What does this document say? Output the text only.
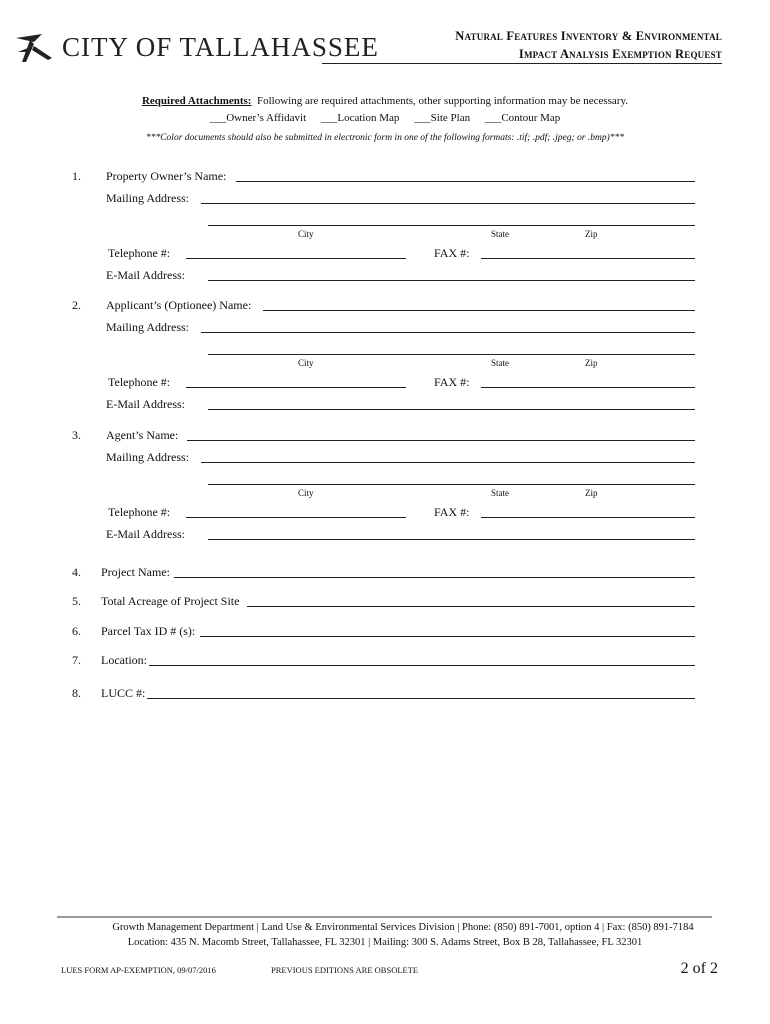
CITY OF TALLAHASSEE	Natural Features Inventory & Environmental
Impact Analysis Exemption Request
Required Attachments: Following are required attachments, other supporting information may be necessary.
___Owner’s Affidavit ___Location Map ___Site Plan ___Contour Map
***Color documents should also be submitted in electronic form in one of the following formats: .tif; .pdf; .jpeg; or .bmp)***
1. Property Owner’s Name:
Mailing Address:
City	State	Zip
Telephone #:	FAX #:
E-Mail Address:
2. Applicant’s (Optionee) Name:
Mailing Address:
City	State	Zip
Telephone #:	FAX #:
E-Mail Address:
3. Agent’s Name:
Mailing Address:
City	State	Zip
Telephone #:	FAX #:
E-Mail Address:
4. Project Name:
5. Total Acreage of Project Site
6. Parcel Tax ID # (s):
7. Location:
8. LUCC #:
Growth Management Department | Land Use & Environmental Services Division | Phone: (850) 891-7001, option 4 | Fax: (850) 891-7184
Location: 435 N. Macomb Street, Tallahassee, FL 32301 | Mailing: 300 S. Adams Street, Box B 28, Tallahassee, FL 32301
LUES FORM AP-EXEMPTION, 09/07/2016	PREVIOUS EDITIONS ARE OBSOLETE	2 of 2
